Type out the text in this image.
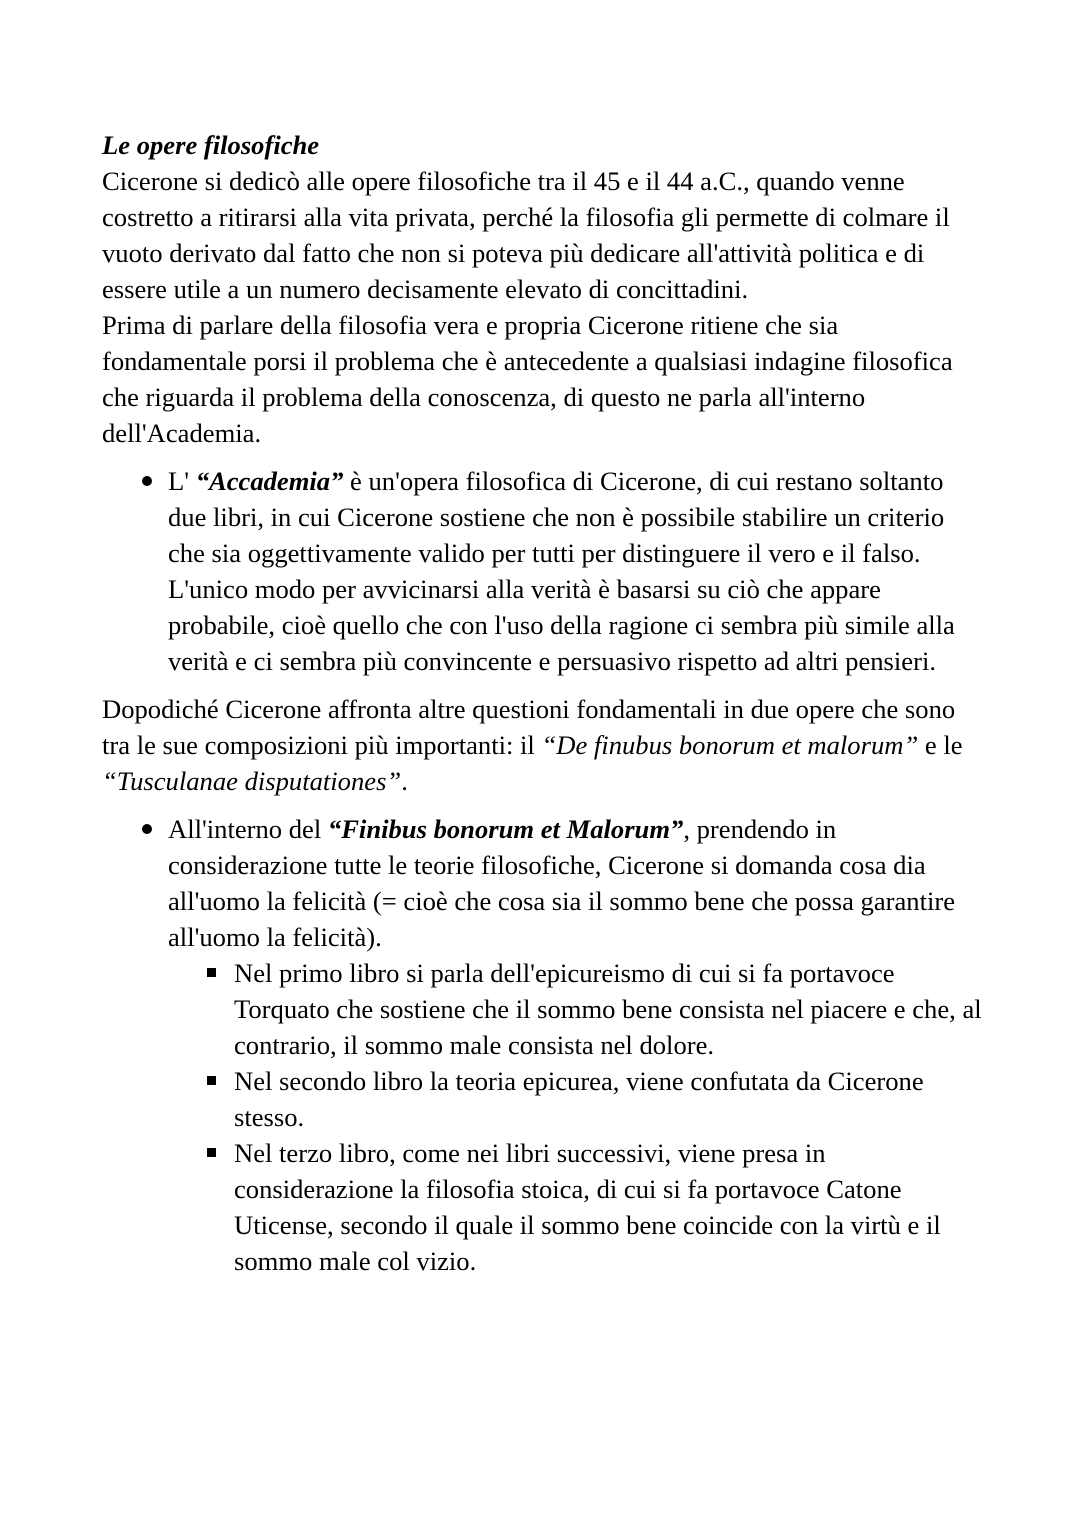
Le opere filosofiche

Cicerone si dedicò alle opere filosofiche tra il 45 e il 44 a.C., quando venne costretto a ritirarsi alla vita privata, perché la filosofia gli permette di colmare il vuoto derivato dal fatto che non si poteva più dedicare all'attività politica e di essere utile a un numero decisamente elevato di concittadini.

Prima di parlare della filosofia vera e propria Cicerone ritiene che sia fondamentale porsi il problema che è antecedente a qualsiasi indagine filosofica che riguarda il problema della conoscenza, di questo ne parla all'interno dell'Academia.

L' “Accademia” è un'opera filosofica di Cicerone, di cui restano soltanto due libri, in cui Cicerone sostiene che non è possibile stabilire un criterio che sia oggettivamente valido per tutti per distinguere il vero e il falso.
L'unico modo per avvicinarsi alla verità è basarsi su ciò che appare probabile, cioè quello che con l'uso della ragione ci sembra più simile alla verità e ci sembra più convincente e persuasivo rispetto ad altri pensieri.

Dopodiché Cicerone affronta altre questioni fondamentali in due opere che sono tra le sue composizioni più importanti: il “De finubus bonorum et malorum” e le “Tusculanae disputationes”.

All'interno del “Finibus bonorum et Malorum”, prendendo in considerazione tutte le teorie filosofiche, Cicerone si domanda cosa dia all'uomo la felicità (= cioè che cosa sia il sommo bene che possa garantire all'uomo la felicità).
Nel primo libro si parla dell'epicureismo di cui si fa portavoce Torquato che sostiene che il sommo bene consista nel piacere e che, al contrario, il sommo male consista nel dolore.
Nel secondo libro la teoria epicurea, viene confutata da Cicerone stesso.
Nel terzo libro, come nei libri successivi, viene presa in considerazione la filosofia stoica, di cui si fa portavoce Catone Uticense, secondo il quale il sommo bene coincide con la virtù e il sommo male col vizio.
